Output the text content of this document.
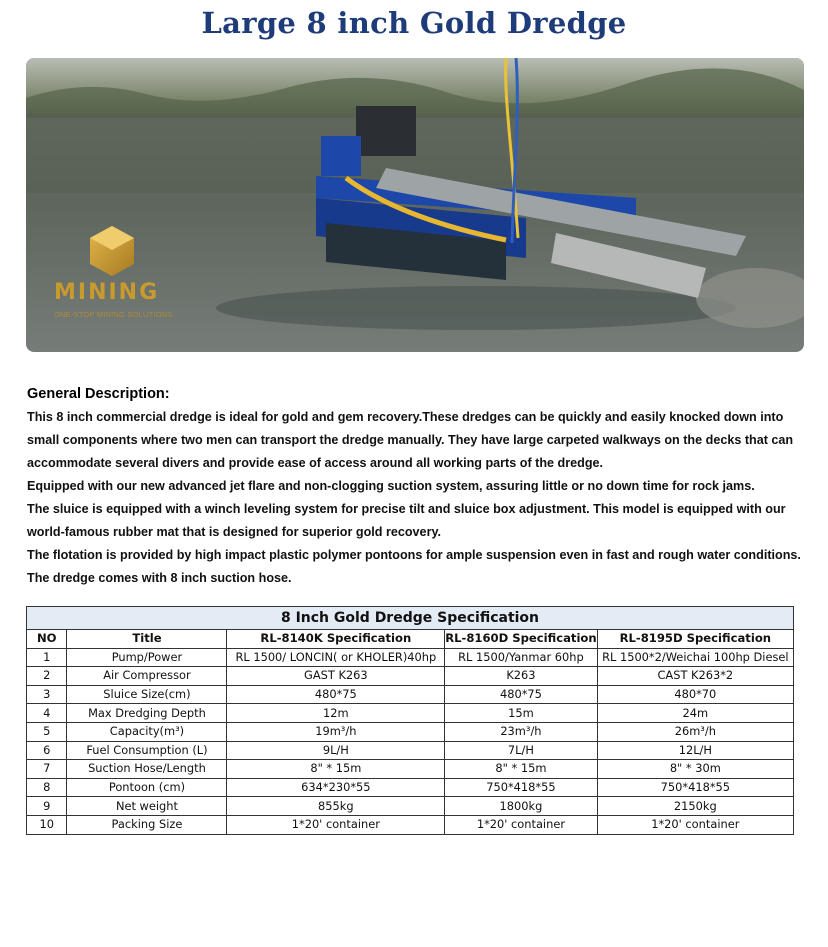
Large 8 inch Gold Dredge
MINING
ONE-STOP MINING SOLUTIONS
General Description:

This 8 inch commercial dredge is ideal for gold and gem recovery.These dredges can be quickly and easily knocked down into

small components where two men can transport the dredge manually. They have large carpeted walkways on the decks that can

accommodate several divers and provide ease of access around all working parts of the dredge.

Equipped with our new advanced jet flare and non-clogging suction system, assuring little or no down time for rock jams.

The sluice is equipped with a winch leveling system for precise tilt and sluice box adjustment. This model is equipped with our

world-famous rubber mat that is designed for superior gold recovery.

The flotation is provided by high impact plastic polymer pontoons for ample suspension even in fast and rough water conditions.

The dredge comes with 8 inch suction hose.

8 Inch Gold Dredge Specification				
NO	Title	RL-8140K Specification	RL-8160D Specification	RL-8195D Specification
1	Pump/Power	RL 1500/ LONCIN( or KHOLER)40hp	RL 1500/Yanmar 60hp	RL 1500*2/Weichai 100hp Diesel
2	Air Compressor	GAST K263	K263	CAST K263*2
3	Sluice Size(cm)	480*75	480*75	480*70
4	Max Dredging Depth	12m	15m	24m
5	Capacity(m³)	19m³/h	23m³/h	26m³/h
6	Fuel Consumption (L)	9L/H	7L/H	12L/H
7	Suction Hose/Length	8" * 15m	8" * 15m	8" * 30m
8	Pontoon (cm)	634*230*55	750*418*55	750*418*55
9	Net weight	855kg	1800kg	2150kg
10	Packing Size	1*20' container	1*20' container	1*20' container
